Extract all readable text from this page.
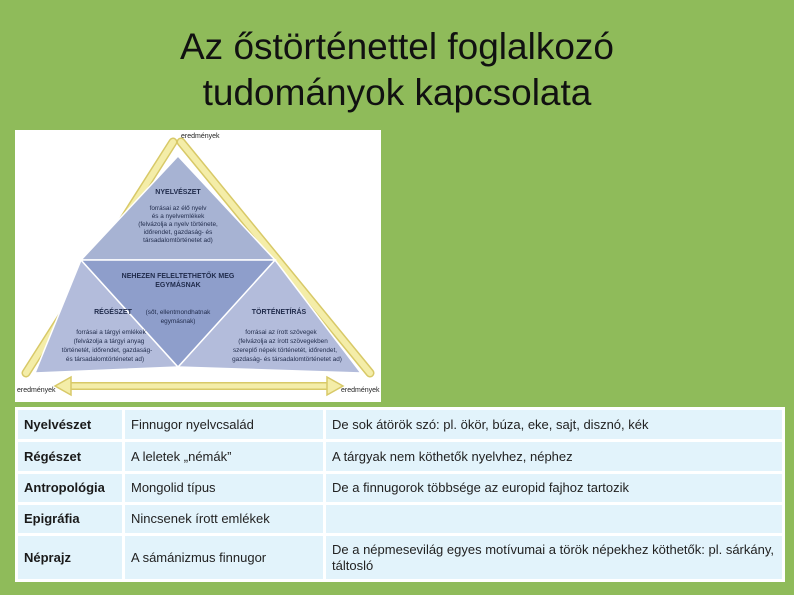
Az őstörténettel foglalkozó
tudományok kapcsolata
eredmények
eredmények	eredmények
NYELVÉSZET
forrásai az élő nyelv
és a nyelvemlékek
(felvázolja a nyelv története,
időrendet, gazdaság- és
társadalomtörténetet ad)
NEHEZEN FELELTETHETŐK MEG
EGYMÁSNAK
(sőt, ellentmondhatnak
egymásnak)
RÉGÉSZET
forrásai a tárgyi emlékek
(felvázolja a tárgyi anyag
történetét, időrendet, gazdaság-
és társadalomtörténetet ad)
TÖRTÉNETÍRÁS
forrásai az írott szövegek
(felvázolja az írott szövegekben
szereplő népek történetét, időrendet,
gazdaság- és társadalomtörténetet ad)
Nyelvészet	Finnugor nyelvcsalád	De sok átörök szó: pl. ökör, búza, eke, sajt, disznó, kék
Régészet	A leletek „némák”	A tárgyak nem köthetők nyelvhez, néphez
Antropológia	Mongolid típus	De a finnugorok többsége az europid fajhoz tartozik
Epigráfia	Nincsenek írott emlékek	
Néprajz	A sámánizmus finnugor	De a népmesevilág egyes motívumai a török népekhez köthetők: pl. sárkány, táltosló
